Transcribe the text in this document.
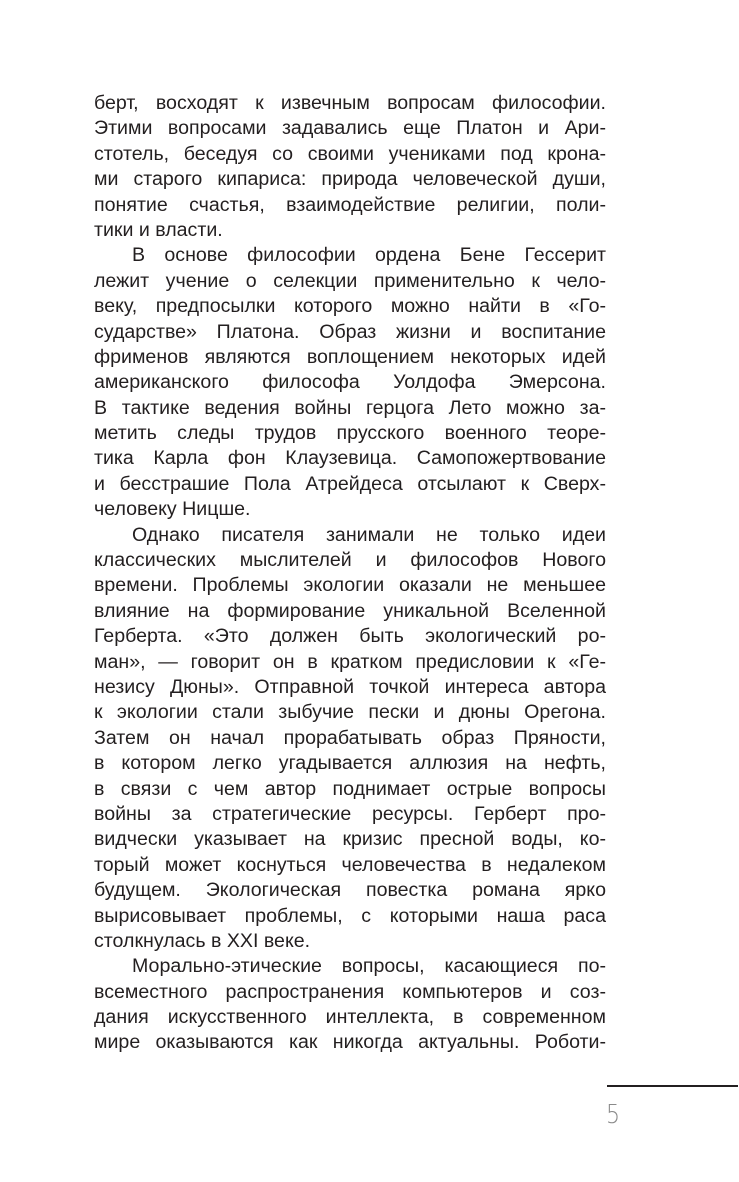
берт, восходят к извечным вопросам философии.
Этими вопросами задавались еще Платон и Ари-
стотель, беседуя со своими учениками под крона-
ми старого кипариса: природа человеческой души,
понятие счастья, взаимодействие религии, поли-
тики и власти.
В основе философии ордена Бене Гессерит
лежит учение о селекции применительно к чело-
веку, предпосылки которого можно найти в «Го-
сударстве» Платона. Образ жизни и воспитание
фрименов являются воплощением некоторых идей
американского философа Уолдофа Эмерсона.
В тактике ведения войны герцога Лето можно за-
метить следы трудов прусского военного теоре-
тика Карла фон Клаузевица. Самопожертвование
и бесстрашие Пола Атрейдеса отсылают к Сверх-
человеку Ницше.
Однако писателя занимали не только идеи
классических мыслителей и философов Нового
времени. Проблемы экологии оказали не меньшее
влияние на формирование уникальной Вселенной
Герберта. «Это должен быть экологический ро-
ман», — говорит он в кратком предисловии к «Ге-
незису Дюны». Отправной точкой интереса автора
к экологии стали зыбучие пески и дюны Орегона.
Затем он начал прорабатывать образ Пряности,
в котором легко угадывается аллюзия на нефть,
в связи с чем автор поднимает острые вопросы
войны за стратегические ресурсы. Герберт про-
видчески указывает на кризис пресной воды, ко-
торый может коснуться человечества в недалеком
будущем. Экологическая повестка романа ярко
вырисовывает проблемы, с которыми наша раса
столкнулась в XXI веке.
Морально-этические вопросы, касающиеся по-
всеместного распространения компьютеров и соз-
дания искусственного интеллекта, в современном
мире оказываются как никогда актуальны. Роботи-
5
